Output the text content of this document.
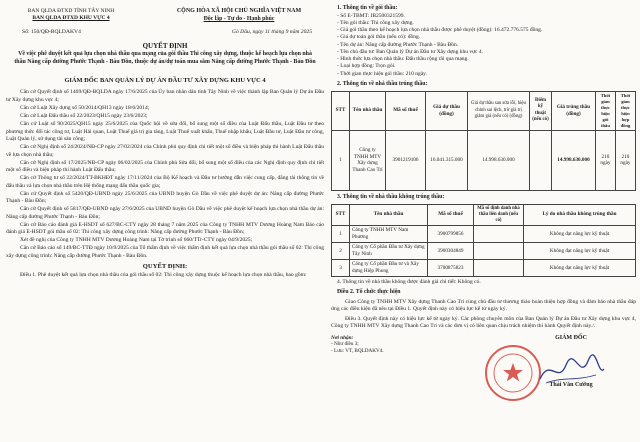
BAN QLDA ĐTXD TỈNH TÂY NINH
BAN QLDA ĐTXD KHU VỰC 4
CỘNG HÒA XÃ HỘI CHỦ NGHĨA VIỆT NAM
Độc lập - Tự do - Hạnh phúc
Số: 150/QĐ-BQLDAKV4	Gò Dầu, ngày 11 tháng 9 năm 2025
QUYẾT ĐỊNH
Về việc phê duyệt kết quả lựa chọn nhà thầu qua mạng của gói thầu Thi công xây dựng, thuộc kế hoạch lựa chọn nhà thầu Nâng cấp đường Phước Thạnh - Bàu Đồn, thuộc dự án/dự toán mua sắm Nâng cấp đường Phước Thạnh - Bàu Đồn
GIÁM ĐỐC BAN QUẢN LÝ DỰ ÁN ĐẦU TƯ XÂY DỰNG KHU VỰC 4

Căn cứ Quyết định số 1469/QĐ-BQLDA ngày 17/6/2025 của Ủy ban nhân dân tỉnh Tây Ninh về việc thành lập Ban Quản lý Dự án Đầu tư Xây dựng khu vực 4;

Căn cứ Luật Xây dựng số 50/2014/QH13 ngày 18/6/2014;

Căn cứ Luật Đấu thầu số 22/2023/QH15 ngày 23/6/2023;

Căn cứ Luật số 90/2025/QH15 ngày 25/6/2025 của Quốc hội về sửa đổi, bổ sung một số điều của Luật Đấu thầu, Luật Đầu tư theo phương thức đối tác công tư, Luật Hải quan, Luật Thuế giá trị gia tăng, Luật Thuế xuất khẩu, Thuế nhập khẩu, Luật Đầu tư, Luật Đầu tư công, Luật Quản lý, sử dụng tài sản công;

Căn cứ Nghị định số 24/2024/NĐ-CP ngày 27/02/2024 của Chính phủ quy định chi tiết một số điều và biện pháp thi hành Luật Đấu thầu về lựa chọn nhà thầu;

Căn cứ Nghị định số 17/2025/NĐ-CP ngày 06/02/2025 của Chính phủ Sửa đổi, bổ sung một số điều của các Nghị định quy định chi tiết một số điều và biện pháp thi hành Luật Đấu thầu;

Căn cứ Thông tư số 22/2024/TT-BKHĐT ngày 17/11/2024 của Bộ Kế hoạch và Đầu tư hướng dẫn việc cung cấp, đăng tải thông tin về đấu thầu và lựa chọn nhà thầu trên Hệ thống mạng đấu thầu quốc gia;

Căn cứ Quyết định số 5420/QĐ-UBND ngày 25/6/2025 của UBND huyện Gò Dầu về việc phê duyệt dự án: Nâng cấp đường Phước Thạnh - Bàu Đồn;

Căn cứ Quyết định số 5817/QĐ-UBND ngày 27/6/2025 của UBND huyện Gò Dầu về việc phê duyệt kế hoạch lựa chọn nhà thầu dự án: Nâng cấp đường Phước Thạnh - Bàu Đồn;

Căn cứ Báo cáo đánh giá E-HSDT số 627/BC-CTY ngày 28 tháng 7 năm 2025 của Công ty TNHH MTV Dương Hoàng Nam Báo cáo đánh giá E-HSDT gói thầu số 02: Thi công xây dựng công trình: Nâng cấp đường Phước Thạnh - Bàu Đồn;

Xét đề nghị của Công ty TNHH MTV Dương Hoàng Nam tại Tờ trình số 660/TTr-CTY ngày 04/9/2025;

Căn cứ Báo cáo số 149/BC-TTĐ ngày 10/9/2025 của Tổ thẩm định về việc thẩm định kết quả lựa chọn nhà thầu gói thầu số 02: Thi công xây dựng công trình: Nâng cấp đường Phước Thạnh - Bàu Đồn.

QUYẾT ĐỊNH:

Điều 1. Phê duyệt kết quả lựa chọn nhà thầu của gói thầu số 02: Thi công xây dựng thuộc kế hoạch lựa chọn nhà thầu, bao gồm:

1. Thông tin về gói thầu:
- Số E-TBMT: IB2500321599.
- Tên gói thầu: Thi công xây dựng.
- Giá gói thầu theo kế hoạch lựa chọn nhà thầu được phê duyệt (đồng): 16.472.776.575 đồng.
- Giá dự toán gói thầu (nếu có): đồng.
- Tên dự án: Nâng cấp đường Phước Thạnh - Bàu Đồn.
- Tên chủ đầu tư: Ban Quản lý Dự án Đầu tư Xây dựng khu vực 4.
- Hình thức lựa chọn nhà thầu: Đấu thầu rộng rãi qua mạng.
- Loại hợp đồng: Trọn gói.
- Thời gian thực hiện gói thầu: 210 ngày.
2. Thông tin về nhà thầu trúng thầu:
STT	Tên nhà thầu	Mã số thuế	Giá dự thầu (đồng)	Giá dự thầu sau sửa lỗi, hiệu chỉnh sai lệch, trừ giá trị giảm giá (nếu có) (đồng)	Điểm kỹ thuật (nếu có)	Giá trúng thầu (đồng)	Thời gian thực hiện gói thầu	Thời gian thực hiện hợp đồng
1	Công ty TNHH MTV Xây dựng Thanh Cao Trí	3901219106	16.041.315.000	14.998.630.000		14.998.630.000	210 ngày	210 ngày
3. Thông tin về nhà thầu không trúng thầu:
STT	Tên nhà thầu	Mã số thuế	Mã số định danh nhà thầu liên danh (nếu có)	Lý do nhà thầu không trúng thầu
1	Công ty TNHH MTV Nam Phương	3900799856		Không đạt năng lực kỹ thuật
2	Công ty Cổ phần Đầu tư Xây dựng Tây Ninh	3900304849		Không đạt năng lực kỹ thuật
3	Công ty Cổ phần Đầu tư và Xây dựng Hiệp Phong	3700875823		Không đạt năng lực kỹ thuật
4. Thông tin về nhà thầu không được đánh giá chi tiết: Không có.
Điều 2. Tổ chức thực hiện

Giao Công ty TNHH MTV Xây dựng Thanh Cao Trí cùng chủ đầu tư thương thảo hoàn thiện hợp đồng và đảm bảo nhà thầu đáp ứng các điều kiện đã nêu tại Điều 1. Quyết định này có hiệu lực kể từ ngày ký.

Điều 3. Quyết định này có hiệu lực kể từ ngày ký. Các phòng chuyên môn của Ban Quản lý Dự án Đầu tư Xây dựng khu vực 4, Công ty TNHH MTV Xây dựng Thanh Cao Trí và các đơn vị có liên quan chịu trách nhiệm thi hành Quyết định này./.

Nơi nhận:
- Như điều 3;
- Lưu: VT, BQLDAKV4.
GIÁM ĐỐC
Thái Văn Cường
